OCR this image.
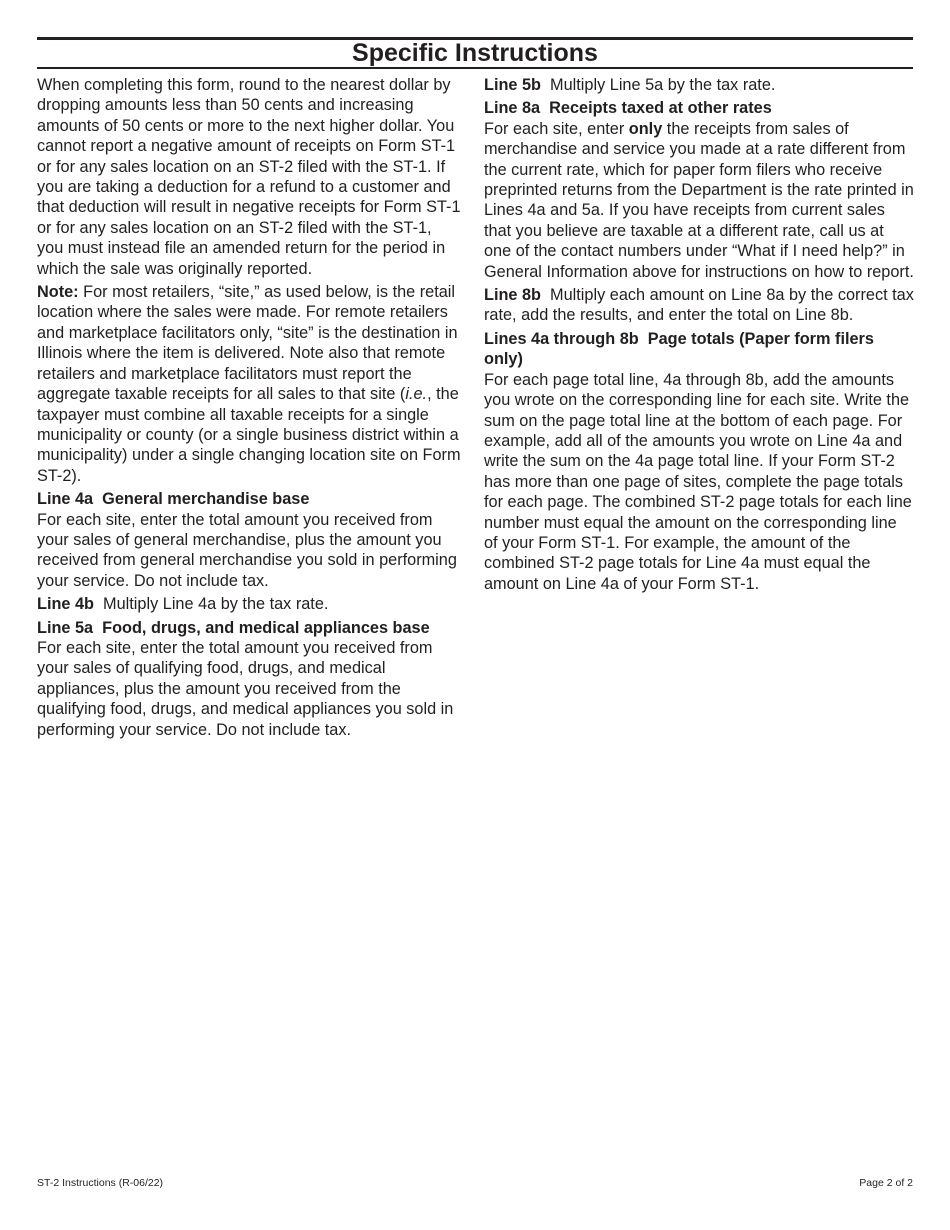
Specific Instructions

When completing this form, round to the nearest dollar by dropping amounts less than 50 cents and increasing amounts of 50 cents or more to the next higher dollar. You cannot report a negative amount of receipts on Form ST-1 or for any sales location on an ST-2 filed with the ST-1. If you are taking a deduction for a refund to a customer and that deduction will result in negative receipts for Form ST-1 or for any sales location on an ST-2 filed with the ST-1, you must instead file an amended return for the period in which the sale was originally reported.

Note: For most retailers, “site,” as used below, is the retail location where the sales were made. For remote retailers and marketplace facilitators only, “site” is the destination in Illinois where the item is delivered. Note also that remote retailers and marketplace facilitators must report the aggregate taxable receipts for all sales to that site (i.e., the taxpayer must combine all taxable receipts for a single municipality or county (or a single business district within a municipality) under a single changing location site on Form ST-2).

Line 4a  General merchandise base

For each site, enter the total amount you received from your sales of general merchandise, plus the amount you received from general merchandise you sold in performing your service. Do not include tax.

Line 4b  Multiply Line 4a by the tax rate.

Line 5a  Food, drugs, and medical appliances base

For each site, enter the total amount you received from your sales of qualifying food, drugs, and medical appliances, plus the amount you received from the qualifying food, drugs, and medical appliances you sold in performing your service. Do not include tax.

Line 5b  Multiply Line 5a by the tax rate.

Line 8a  Receipts taxed at other rates

For each site, enter only the receipts from sales of merchandise and service you made at a rate different from the current rate, which for paper form filers who receive preprinted returns from the Department is the rate printed in Lines 4a and 5a. If you have receipts from current sales that you believe are taxable at a different rate, call us at one of the contact numbers under “What if I need help?” in General Information above for instructions on how to report.

Line 8b  Multiply each amount on Line 8a by the correct tax rate, add the results, and enter the total on Line 8b.

Lines 4a through 8b  Page totals (Paper form filers only)

For each page total line, 4a through 8b, add the amounts you wrote on the corresponding line for each site. Write the sum on the page total line at the bottom of each page. For example, add all of the amounts you wrote on Line 4a and write the sum on the 4a page total line. If your Form ST-2 has more than one page of sites, complete the page totals for each page. The combined ST-2 page totals for each line number must equal the amount on the corresponding line of your Form ST-1. For example, the amount of the combined ST-2 page totals for Line 4a must equal the amount on Line 4a of your Form ST-1.

ST-2 Instructions (R-06/22)	Page 2 of 2
